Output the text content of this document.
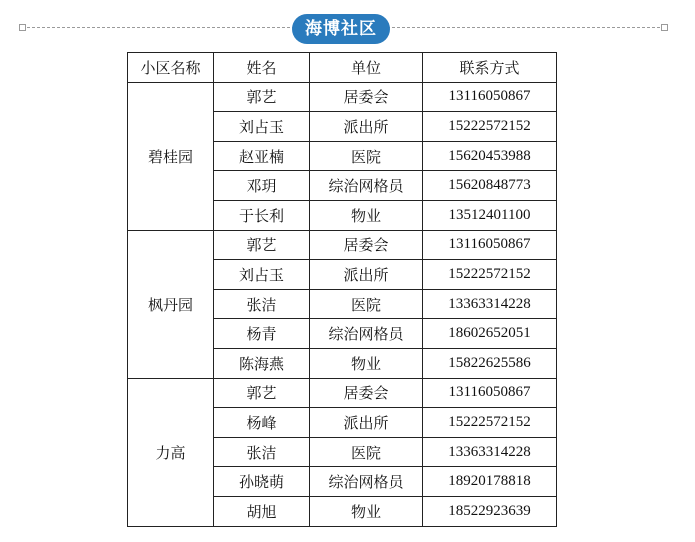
海博社区
小区名称	姓名	单位	联系方式
碧桂园	郭艺	居委会	13116050867
	刘占玉	派出所	15222572152
	赵亚楠	医院	15620453988
	邓玥	综治网格员	15620848773
	于长利	物业	13512401100
枫丹园	郭艺	居委会	13116050867
	刘占玉	派出所	15222572152
	张洁	医院	13363314228
	杨青	综治网格员	18602652051
	陈海燕	物业	15822625586
力高	郭艺	居委会	13116050867
	杨峰	派出所	15222572152
	张洁	医院	13363314228
	孙晓萌	综治网格员	18920178818
	胡旭	物业	18522923639
